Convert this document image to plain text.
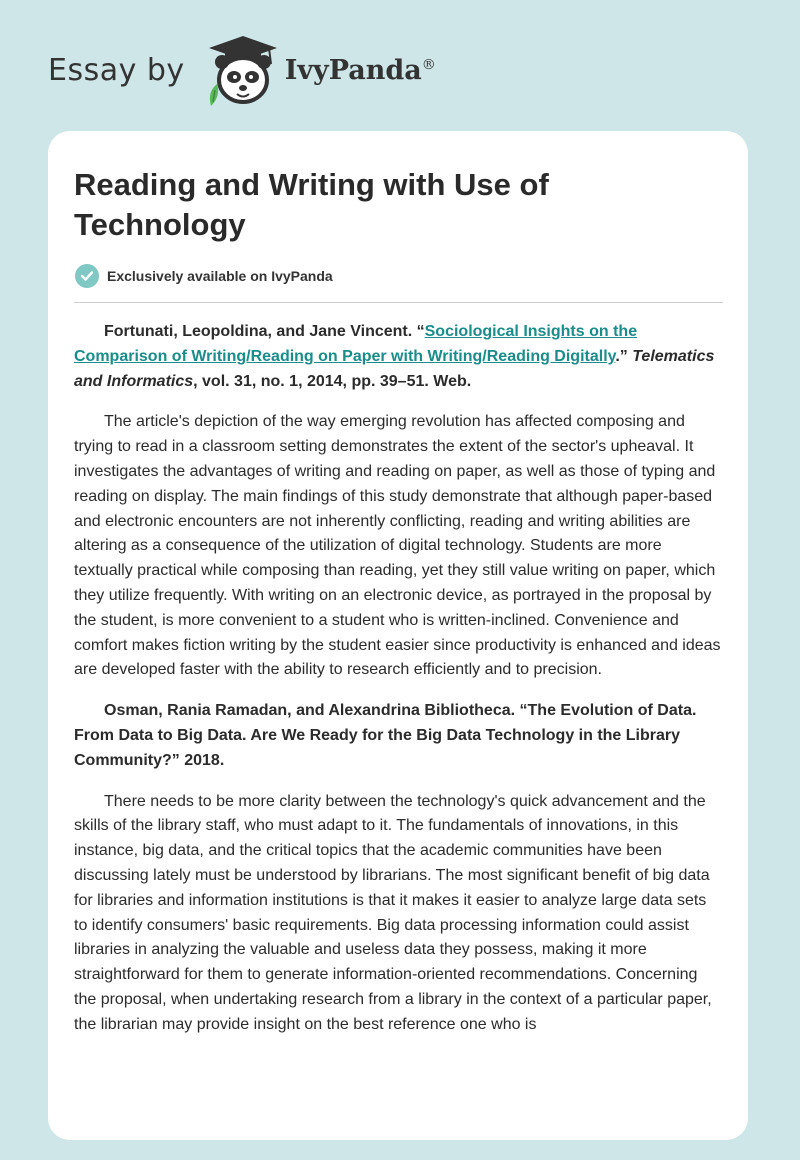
Essay by	IvyPanda®
Reading and Writing with Use of Technology
Exclusively available on IvyPanda

Fortunati, Leopoldina, and Jane Vincent. “Sociological Insights on the Comparison of Writing/Reading on Paper with Writing/Reading Digitally.” Telematics and Informatics, vol. 31, no. 1, 2014, pp. 39–51. Web.

The article's depiction of the way emerging revolution has affected composing and trying to read in a classroom setting demonstrates the extent of the sector's upheaval. It investigates the advantages of writing and reading on paper, as well as those of typing and reading on display. The main findings of this study demonstrate that although paper-based and electronic encounters are not inherently conflicting, reading and writing abilities are altering as a consequence of the utilization of digital technology. Students are more textually practical while composing than reading, yet they still value writing on paper, which they utilize frequently. With writing on an electronic device, as portrayed in the proposal by the student, is more convenient to a student who is written-inclined. Convenience and comfort makes fiction writing by the student easier since productivity is enhanced and ideas are developed faster with the ability to research efficiently and to precision.

Osman, Rania Ramadan, and Alexandrina Bibliotheca. “The Evolution of Data. From Data to Big Data. Are We Ready for the Big Data Technology in the Library Community?” 2018.

There needs to be more clarity between the technology's quick advancement and the skills of the library staff, who must adapt to it. The fundamentals of innovations, in this instance, big data, and the critical topics that the academic communities have been discussing lately must be understood by librarians. The most significant benefit of big data for libraries and information institutions is that it makes it easier to analyze large data sets to identify consumers' basic requirements. Big data processing information could assist libraries in analyzing the valuable and useless data they possess, making it more straightforward for them to generate information-oriented recommendations. Concerning the proposal, when undertaking research from a library in the context of a particular paper, the librarian may provide insight on the best reference one who is
